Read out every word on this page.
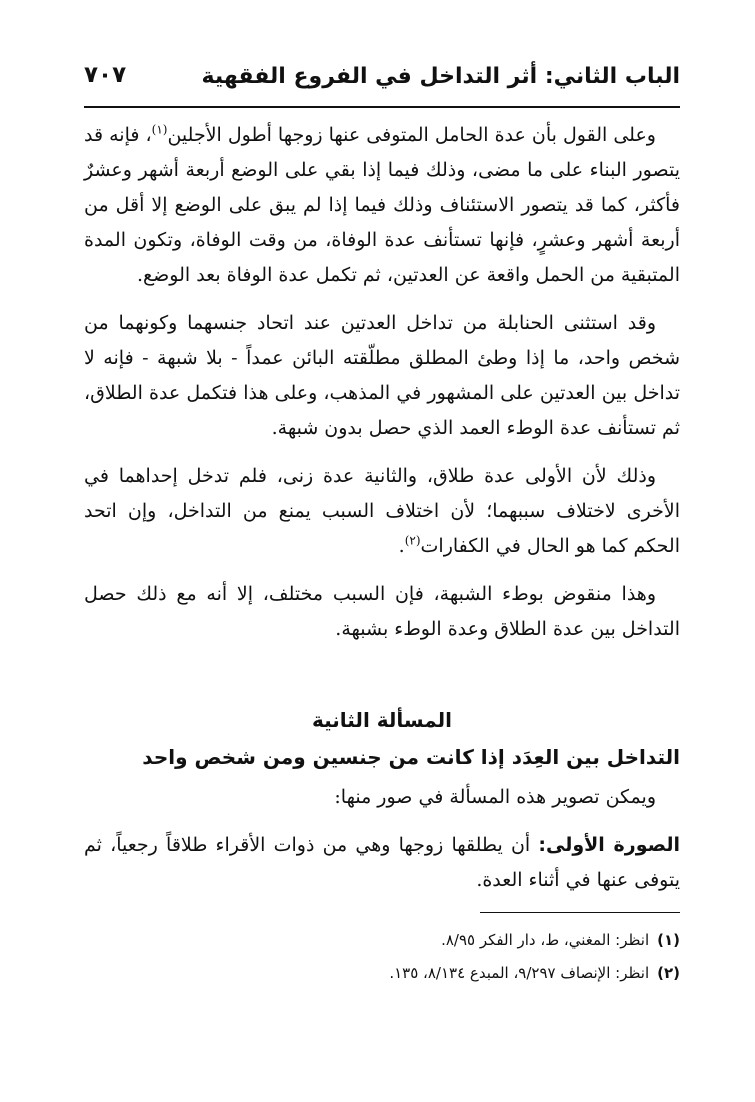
الباب الثاني: أثر التداخل في الفروع الفقهية
٧٠٧

وعلى القول بأن عدة الحامل المتوفى عنها زوجها أطول الأجلين$^{(١)}$، فإنه قد يتصور البناء على ما مضى، وذلك فيما إذا بقي على الوضع أربعة أشهر وعشرٌ فأكثر، كما قد يتصور الاستئناف وذلك فيما إذا لم يبق على الوضع إلا أقل من أربعة أشهر وعشرٍ، فإنها تستأنف عدة الوفاة، من وقت الوفاة، وتكون المدة المتبقية من الحمل واقعة عن العدتين، ثم تكمل عدة الوفاة بعد الوضع.

وقد استثنى الحنابلة من تداخل العدتين عند اتحاد جنسهما وكونهما من شخص واحد، ما إذا وطئ المطلق مطلّقته البائن عمداً - بلا شبهة - فإنه لا تداخل بين العدتين على المشهور في المذهب، وعلى هذا فتكمل عدة الطلاق، ثم تستأنف عدة الوطء العمد الذي حصل بدون شبهة.

وذلك لأن الأولى عدة طلاق، والثانية عدة زنى، فلم تدخل إحداهما في الأخرى لاختلاف سببهما؛ لأن اختلاف السبب يمنع من التداخل، وإن اتحد الحكم كما هو الحال في الكفارات$^{(٢)}$.

وهذا منقوض بوطء الشبهة، فإن السبب مختلف، إلا أنه مع ذلك حصل التداخل بين عدة الطلاق وعدة الوطء بشبهة.

المسألة الثانية
التداخل بين العِدَد إذا كانت من جنسين ومن شخص واحد

ويمكن تصوير هذه المسألة في صور منها:

الصورة الأولى: أن يطلقها زوجها وهي من ذوات الأقراء طلاقاً رجعياً، ثم يتوفى عنها في أثناء العدة.

(١)انظر: المغني، ط، دار الفكر ٨/٩٥.
(٢)انظر: الإنصاف ٩/٢٩٧، المبدع ٨/١٣٤، ١٣٥.
